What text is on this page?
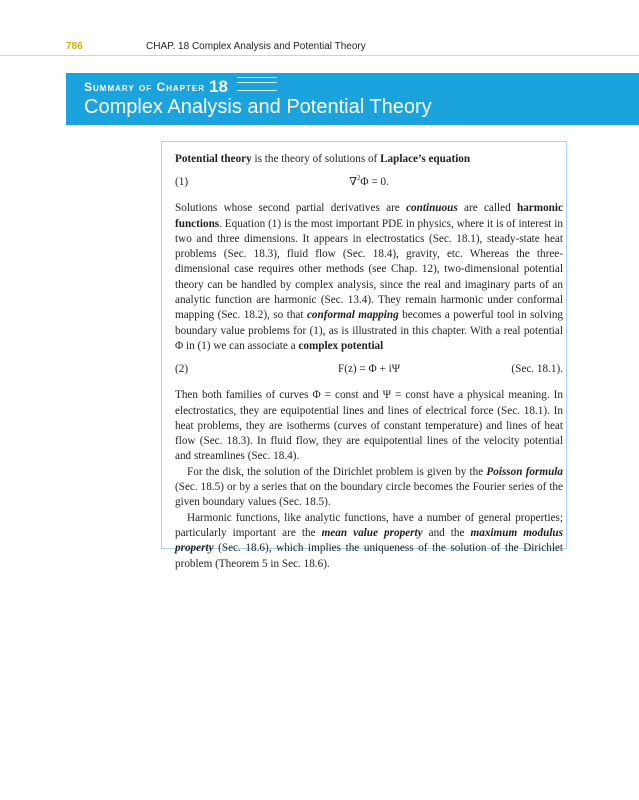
786	CHAP. 18 Complex Analysis and Potential Theory
Summary of Chapter 18
Complex Analysis and Potential Theory

Potential theory is the theory of solutions of Laplace’s equation

(1)	∇$^2$Φ = 0.

Solutions whose second partial derivatives are continuous are called harmonic functions. Equation (1) is the most important PDE in physics, where it is of interest in two and three dimensions. It appears in electrostatics (Sec. 18.1), steady-state heat problems (Sec. 18.3), fluid flow (Sec. 18.4), gravity, etc. Whereas the three-dimensional case requires other methods (see Chap. 12), two-dimensional potential theory can be handled by complex analysis, since the real and imaginary parts of an analytic function are harmonic (Sec. 13.4). They remain harmonic under conformal mapping (Sec. 18.2), so that conformal mapping becomes a powerful tool in solving boundary value problems for (1), as is illustrated in this chapter. With a real potential Φ in (1) we can associate a complex potential

(2)	F(z) = Φ + iΨ	(Sec. 18.1).

Then both families of curves Φ = const and Ψ = const have a physical meaning. In electrostatics, they are equipotential lines and lines of electrical force (Sec. 18.1). In heat problems, they are isotherms (curves of constant temperature) and lines of heat flow (Sec. 18.3). In fluid flow, they are equipotential lines of the velocity potential and streamlines (Sec. 18.4).

For the disk, the solution of the Dirichlet problem is given by the Poisson formula (Sec. 18.5) or by a series that on the boundary circle becomes the Fourier series of the given boundary values (Sec. 18.5).

Harmonic functions, like analytic functions, have a number of general properties; particularly important are the mean value property and the maximum modulus property (Sec. 18.6), which implies the uniqueness of the solution of the Dirichlet problem (Theorem 5 in Sec. 18.6).
